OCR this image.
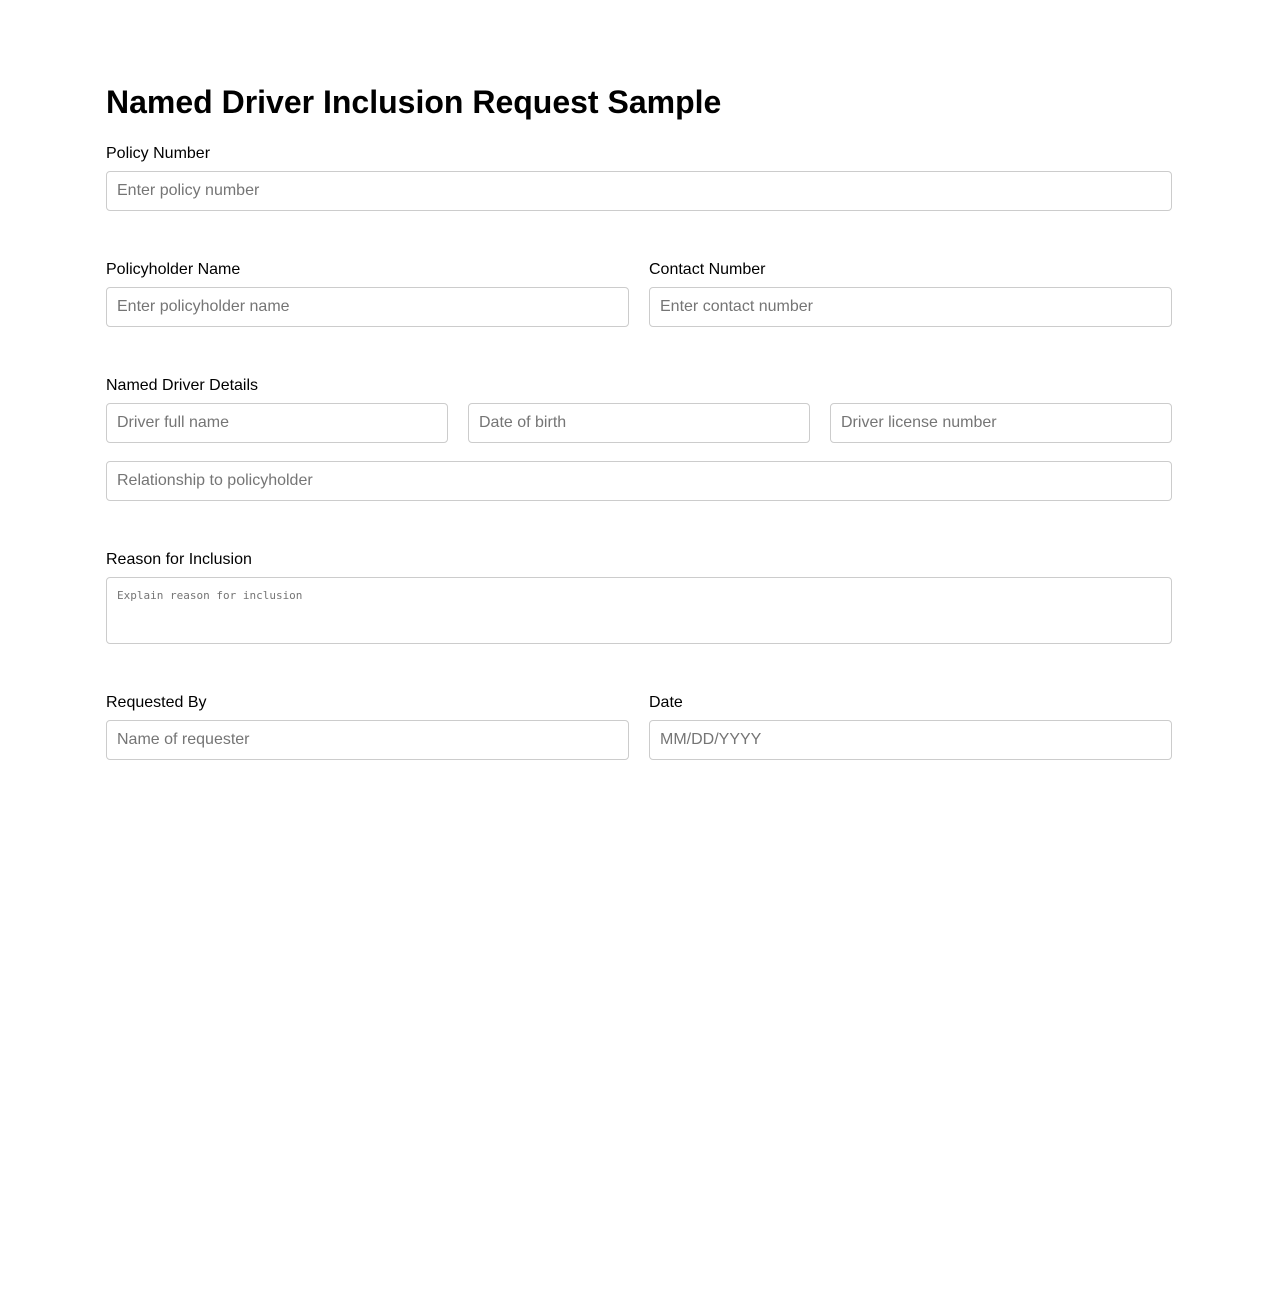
Named Driver Inclusion Request Sample
Policy Number
Enter policy number
Policyholder Name
Enter policyholder name	Contact Number
Enter contact number
Named Driver Details
Driver full name
Date of birth
Driver license number
Relationship to policyholder
Reason for Inclusion
Explain reason for inclusion
Requested By
Name of requester	Date
MM/DD/YYYY
